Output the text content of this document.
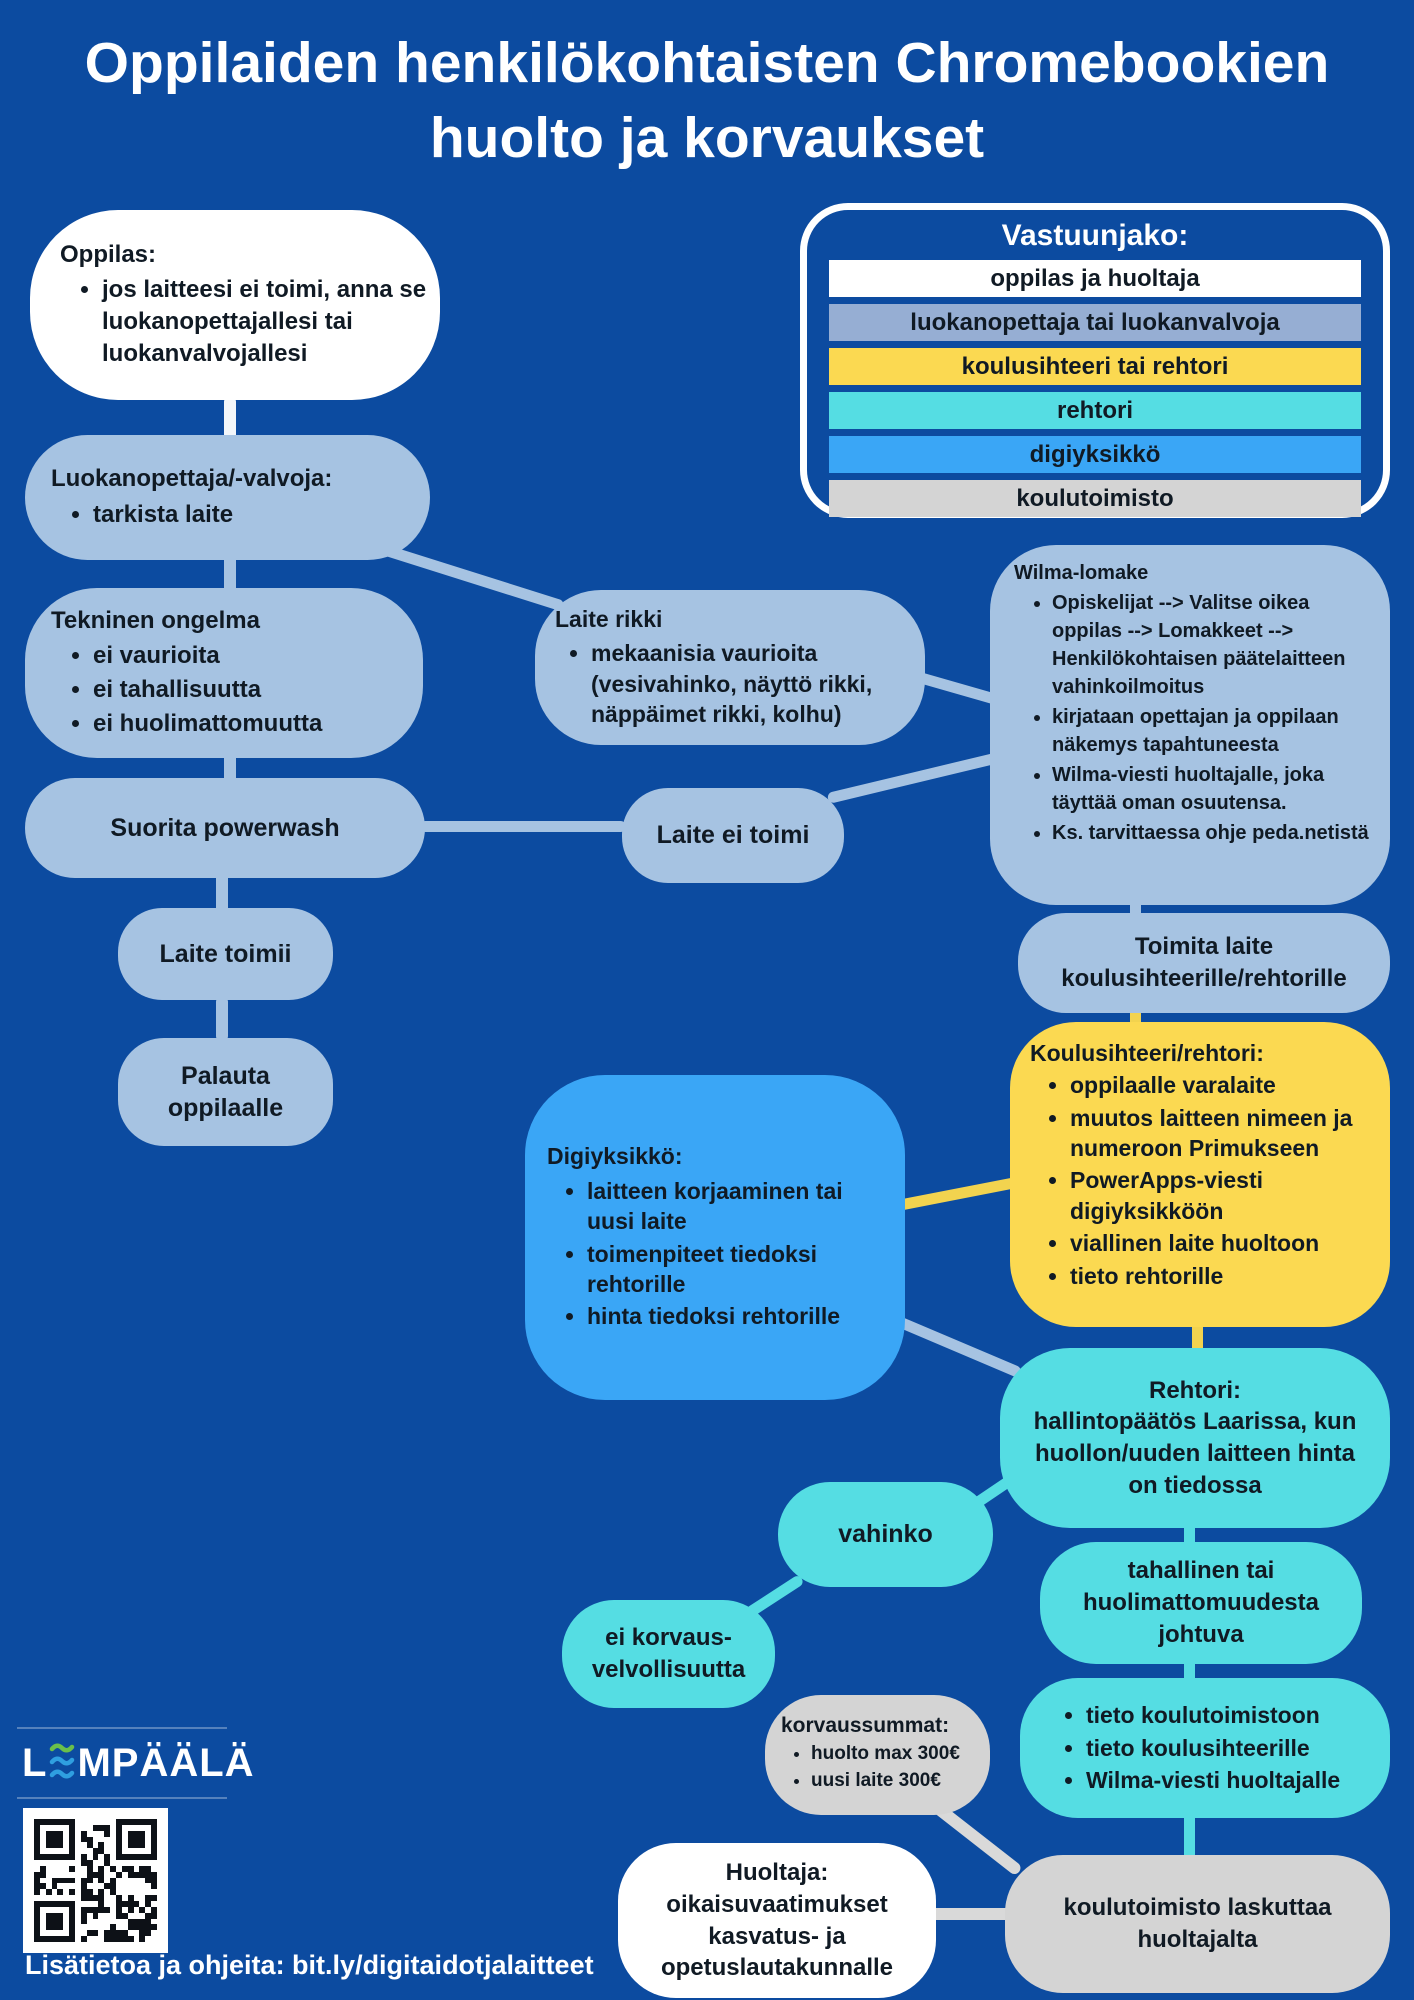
Oppilaiden henkilökohtaisten Chromebookien
huolto ja korvaukset
Vastuunjako:
oppilas ja huoltaja
luokanopettaja tai luokanvalvoja
koulusihteeri tai rehtori
rehtori
digiyksikkö
koulutoimisto
Oppilas:
• jos laitteesi ei toimi, anna se luokanopettajallesi tai luokanvalvojallesi
Luokanopettaja/-valvoja:
• tarkista laite
Tekninen ongelma
• ei vaurioita
• ei tahallisuutta
• ei huolimattomuutta
Laite rikki
• mekaanisia vaurioita (vesivahinko, näyttö rikki, näppäimet rikki, kolhu)
Wilma-lomake
• Opiskelijat --> Valitse oikea oppilas --> Lomakkeet --> Henkilökohtaisen päätelaitteen vahinkoilmoitus
• kirjataan opettajan ja oppilaan näkemys tapahtuneesta
• Wilma-viesti huoltajalle, joka täyttää oman osuutensa.
• Ks. tarvittaessa ohje peda.netistä
Suorita powerwash	Laite ei toimi
Laite toimii
Palauta
oppilaalle
Toimita laite
koulusihteerille/rehtorille
Koulusihteeri/rehtori:
• oppilaalle varalaite
• muutos laitteen nimeen ja numeroon Primukseen
• PowerApps-viesti digiyksikköön
• viallinen laite huoltoon
• tieto rehtorille
Digiyksikkö:
• laitteen korjaaminen tai uusi laite
• toimenpiteet tiedoksi rehtorille
• hinta tiedoksi rehtorille
Rehtori:
hallintopäätös Laarissa, kun
huollon/uuden laitteen hinta
on tiedossa
vahinko
tahallinen tai
huolimattomuudesta
johtuva
ei korvaus-
velvollisuutta
korvaussummat:
• huolto max 300€
• uusi laite 300€
• tieto koulutoimistoon
• tieto koulusihteerille
• Wilma-viesti huoltajalle
Huoltaja:
oikaisuvaatimukset
kasvatus- ja
opetuslautakunnalle
koulutoimisto laskuttaa
huoltajalta
L MPÄÄLÄ
Lisätietoa ja ohjeita: bit.ly/digitaidotjalaitteet
